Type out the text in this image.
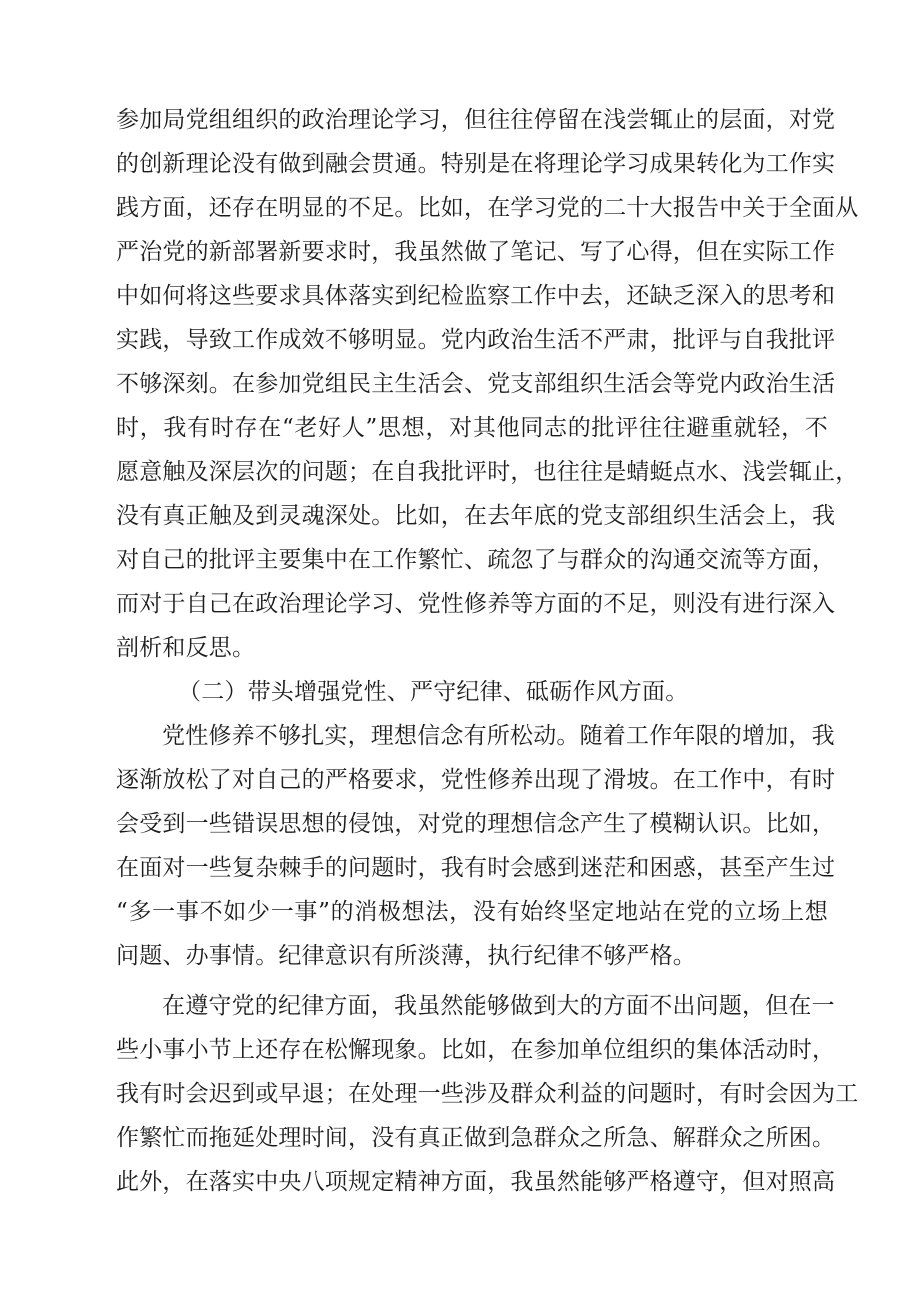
参加局党组组织的政治理论学习，但往往停留在浅尝辄止的层面，对党
的创新理论没有做到融会贯通。特别是在将理论学习成果转化为工作实
践方面，还存在明显的不足。比如，在学习党的二十大报告中关于全面从
严治党的新部署新要求时，我虽然做了笔记、写了心得，但在实际工作
中如何将这些要求具体落实到纪检监察工作中去，还缺乏深入的思考和
实践，导致工作成效不够明显。党内政治生活不严肃，批评与自我批评
不够深刻。在参加党组民主生活会、党支部组织生活会等党内政治生活
时，我有时存在“老好人”思想，对其他同志的批评往往避重就轻，不
愿意触及深层次的问题；在自我批评时，也往往是蜻蜓点水、浅尝辄止，
没有真正触及到灵魂深处。比如，在去年底的党支部组织生活会上，我
对自己的批评主要集中在工作繁忙、疏忽了与群众的沟通交流等方面，
而对于自己在政治理论学习、党性修养等方面的不足，则没有进行深入
剖析和反思。
（二）带头增强党性、严守纪律、砥砺作风方面。
党性修养不够扎实，理想信念有所松动。随着工作年限的增加，我
逐渐放松了对自己的严格要求，党性修养出现了滑坡。在工作中，有时
会受到一些错误思想的侵蚀，对党的理想信念产生了模糊认识。比如，
在面对一些复杂棘手的问题时，我有时会感到迷茫和困惑，甚至产生过
“多一事不如少一事”的消极想法，没有始终坚定地站在党的立场上想
问题、办事情。纪律意识有所淡薄，执行纪律不够严格。
在遵守党的纪律方面，我虽然能够做到大的方面不出问题，但在一
些小事小节上还存在松懈现象。比如，在参加单位组织的集体活动时，
我有时会迟到或早退；在处理一些涉及群众利益的问题时，有时会因为工
作繁忙而拖延处理时间，没有真正做到急群众之所急、解群众之所困。
此外，在落实中央八项规定精神方面，我虽然能够严格遵守，但对照高
